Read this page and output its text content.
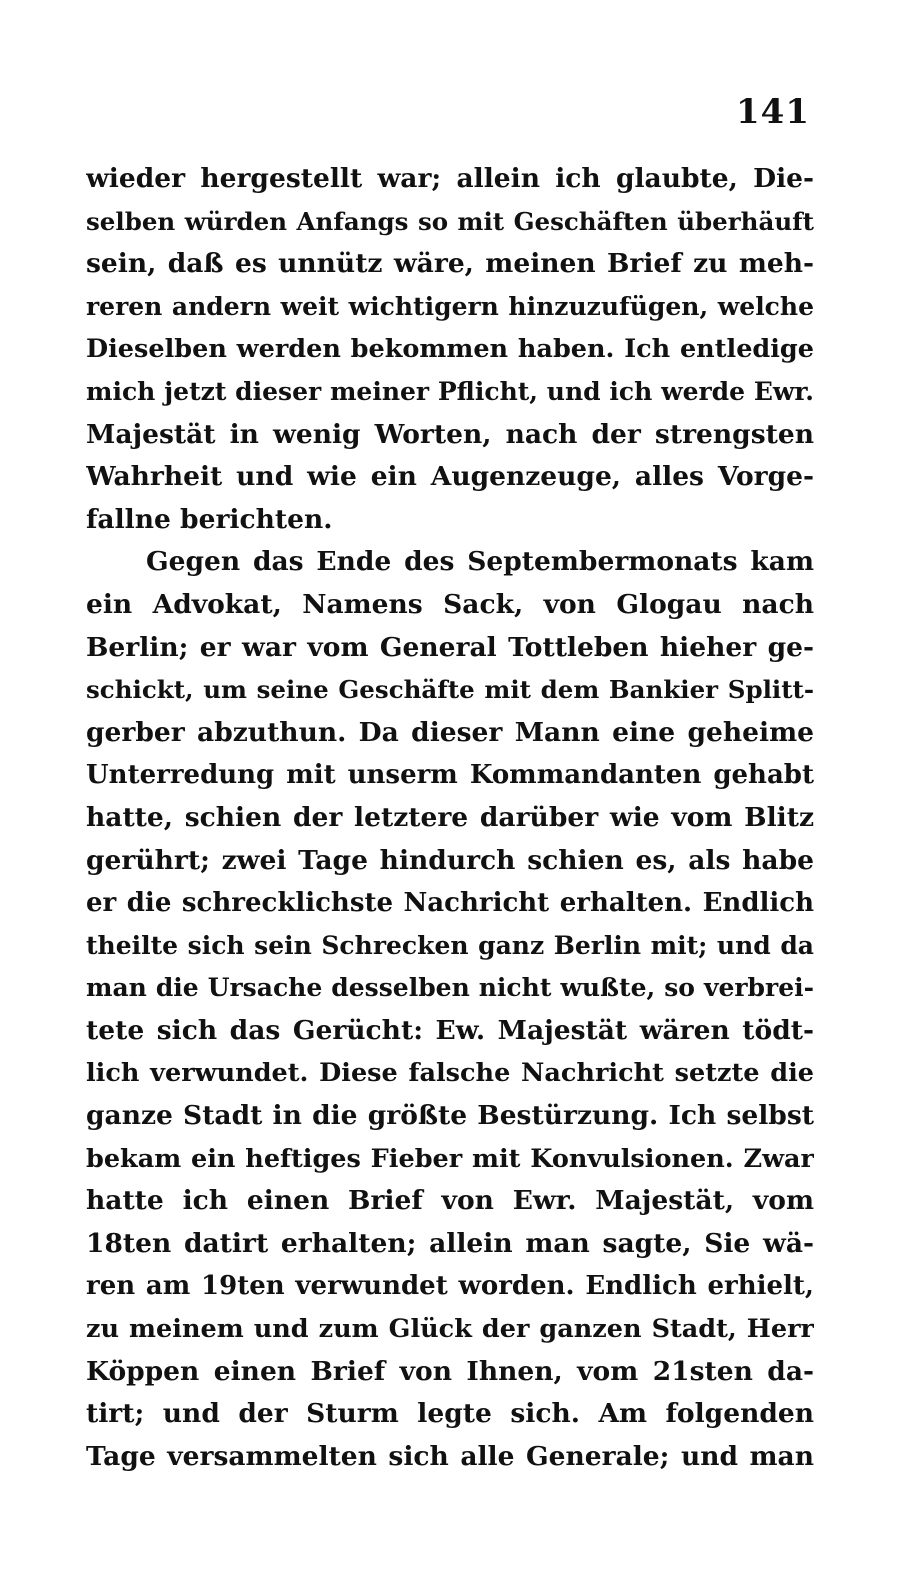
141
wieder hergestellt war; allein ich glaubte, Die-
selben würden Anfangs so mit Geschäften überhäuft
sein, daß es unnütz wäre, meinen Brief zu meh-
reren andern weit wichtigern hinzuzufügen, welche
Dieselben werden bekommen haben. Ich entledige
mich jetzt dieser meiner Pflicht, und ich werde Ewr.
Majestät in wenig Worten, nach der strengsten
Wahrheit und wie ein Augenzeuge, alles Vorge-
fallne berichten.
Gegen das Ende des Septembermonats kam
ein Advokat, Namens Sack, von Glogau nach
Berlin; er war vom General Tottleben hieher ge-
schickt, um seine Geschäfte mit dem Bankier Splitt-
gerber abzuthun. Da dieser Mann eine geheime
Unterredung mit unserm Kommandanten gehabt
hatte, schien der letztere darüber wie vom Blitz
gerührt; zwei Tage hindurch schien es, als habe
er die schrecklichste Nachricht erhalten. Endlich
theilte sich sein Schrecken ganz Berlin mit; und da
man die Ursache desselben nicht wußte, so verbrei-
tete sich das Gerücht: Ew. Majestät wären tödt-
lich verwundet. Diese falsche Nachricht setzte die
ganze Stadt in die größte Bestürzung. Ich selbst
bekam ein heftiges Fieber mit Konvulsionen. Zwar
hatte ich einen Brief von Ewr. Majestät, vom
18ten datirt erhalten; allein man sagte, Sie wä-
ren am 19ten verwundet worden. Endlich erhielt,
zu meinem und zum Glück der ganzen Stadt, Herr
Köppen einen Brief von Ihnen, vom 21sten da-
tirt; und der Sturm legte sich. Am folgenden
Tage versammelten sich alle Generale; und man
